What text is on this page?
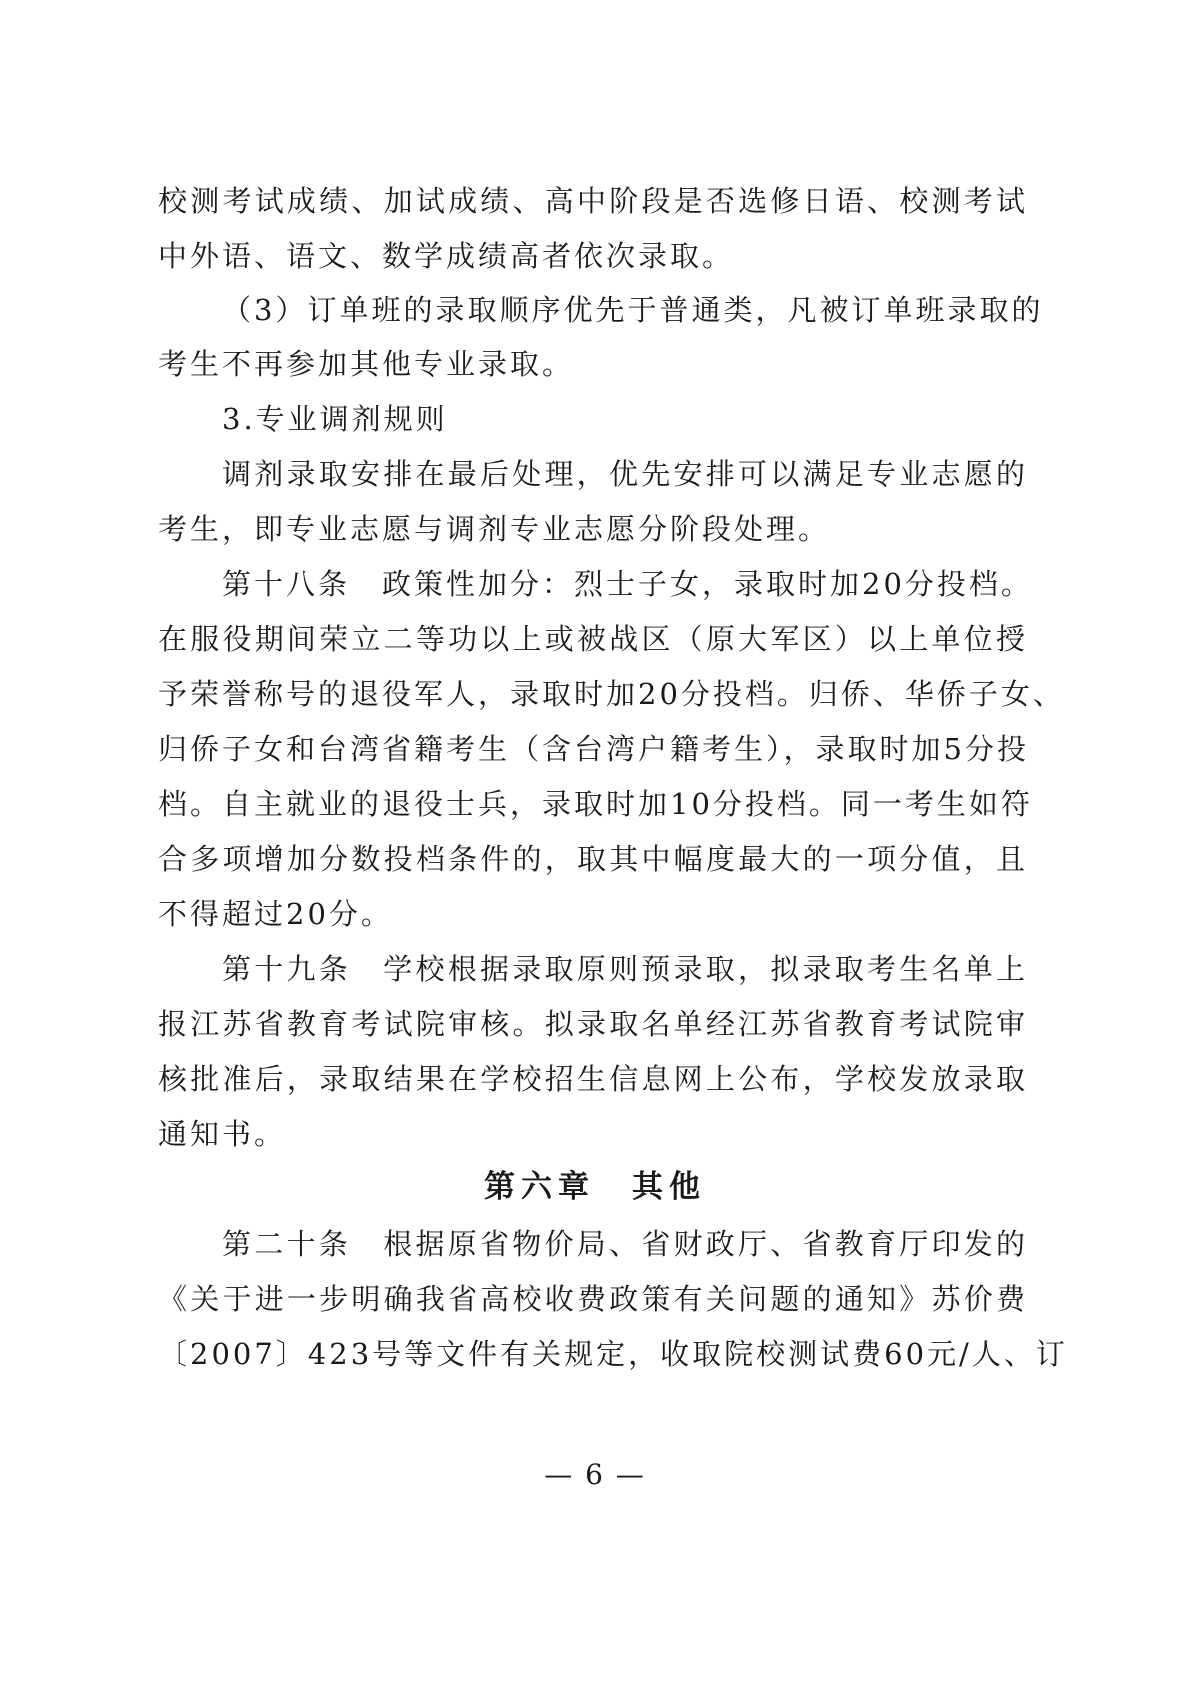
校测考试成绩、加试成绩、高中阶段是否选修日语、校测考试
中外语、语文、数学成绩高者依次录取。
（3）订单班的录取顺序优先于普通类，凡被订单班录取的
考生不再参加其他专业录取。
3.专业调剂规则
调剂录取安排在最后处理，优先安排可以满足专业志愿的
考生，即专业志愿与调剂专业志愿分阶段处理。
第十八条　政策性加分：烈士子女，录取时加20分投档。
在服役期间荣立二等功以上或被战区（原大军区）以上单位授
予荣誉称号的退役军人，录取时加20分投档。归侨、华侨子女、
归侨子女和台湾省籍考生（含台湾户籍考生），录取时加5分投
档。自主就业的退役士兵，录取时加10分投档。同一考生如符
合多项增加分数投档条件的，取其中幅度最大的一项分值，且
不得超过20分。
第十九条　学校根据录取原则预录取，拟录取考生名单上
报江苏省教育考试院审核。拟录取名单经江苏省教育考试院审
核批准后，录取结果在学校招生信息网上公布，学校发放录取
通知书。
第六章　其他
第二十条　根据原省物价局、省财政厅、省教育厅印发的
《关于进一步明确我省高校收费政策有关问题的通知》苏价费
〔2007〕423号等文件有关规定，收取院校测试费60元/人、订
— 6 —
